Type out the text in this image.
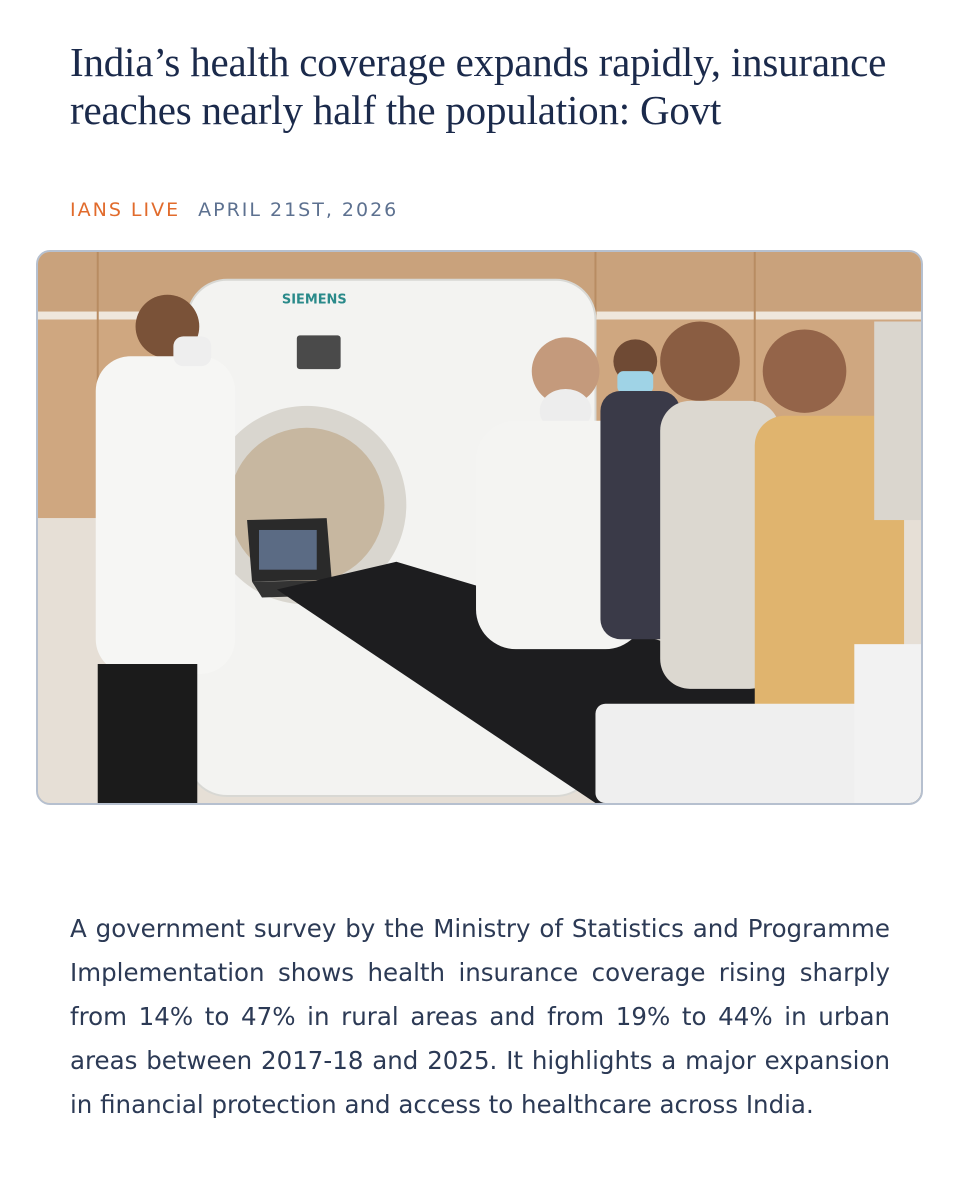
India’s health coverage expands rapidly, insurance reaches nearly half the population: Govt
IANS LIVE APRIL 21ST, 2026
SIEMENS

A government survey by the Ministry of Statistics and Programme Implementation shows health insurance coverage rising sharply from 14% to 47% in rural areas and from 19% to 44% in urban areas between 2017-18 and 2025. It highlights a major expansion in financial protection and access to healthcare across India.
